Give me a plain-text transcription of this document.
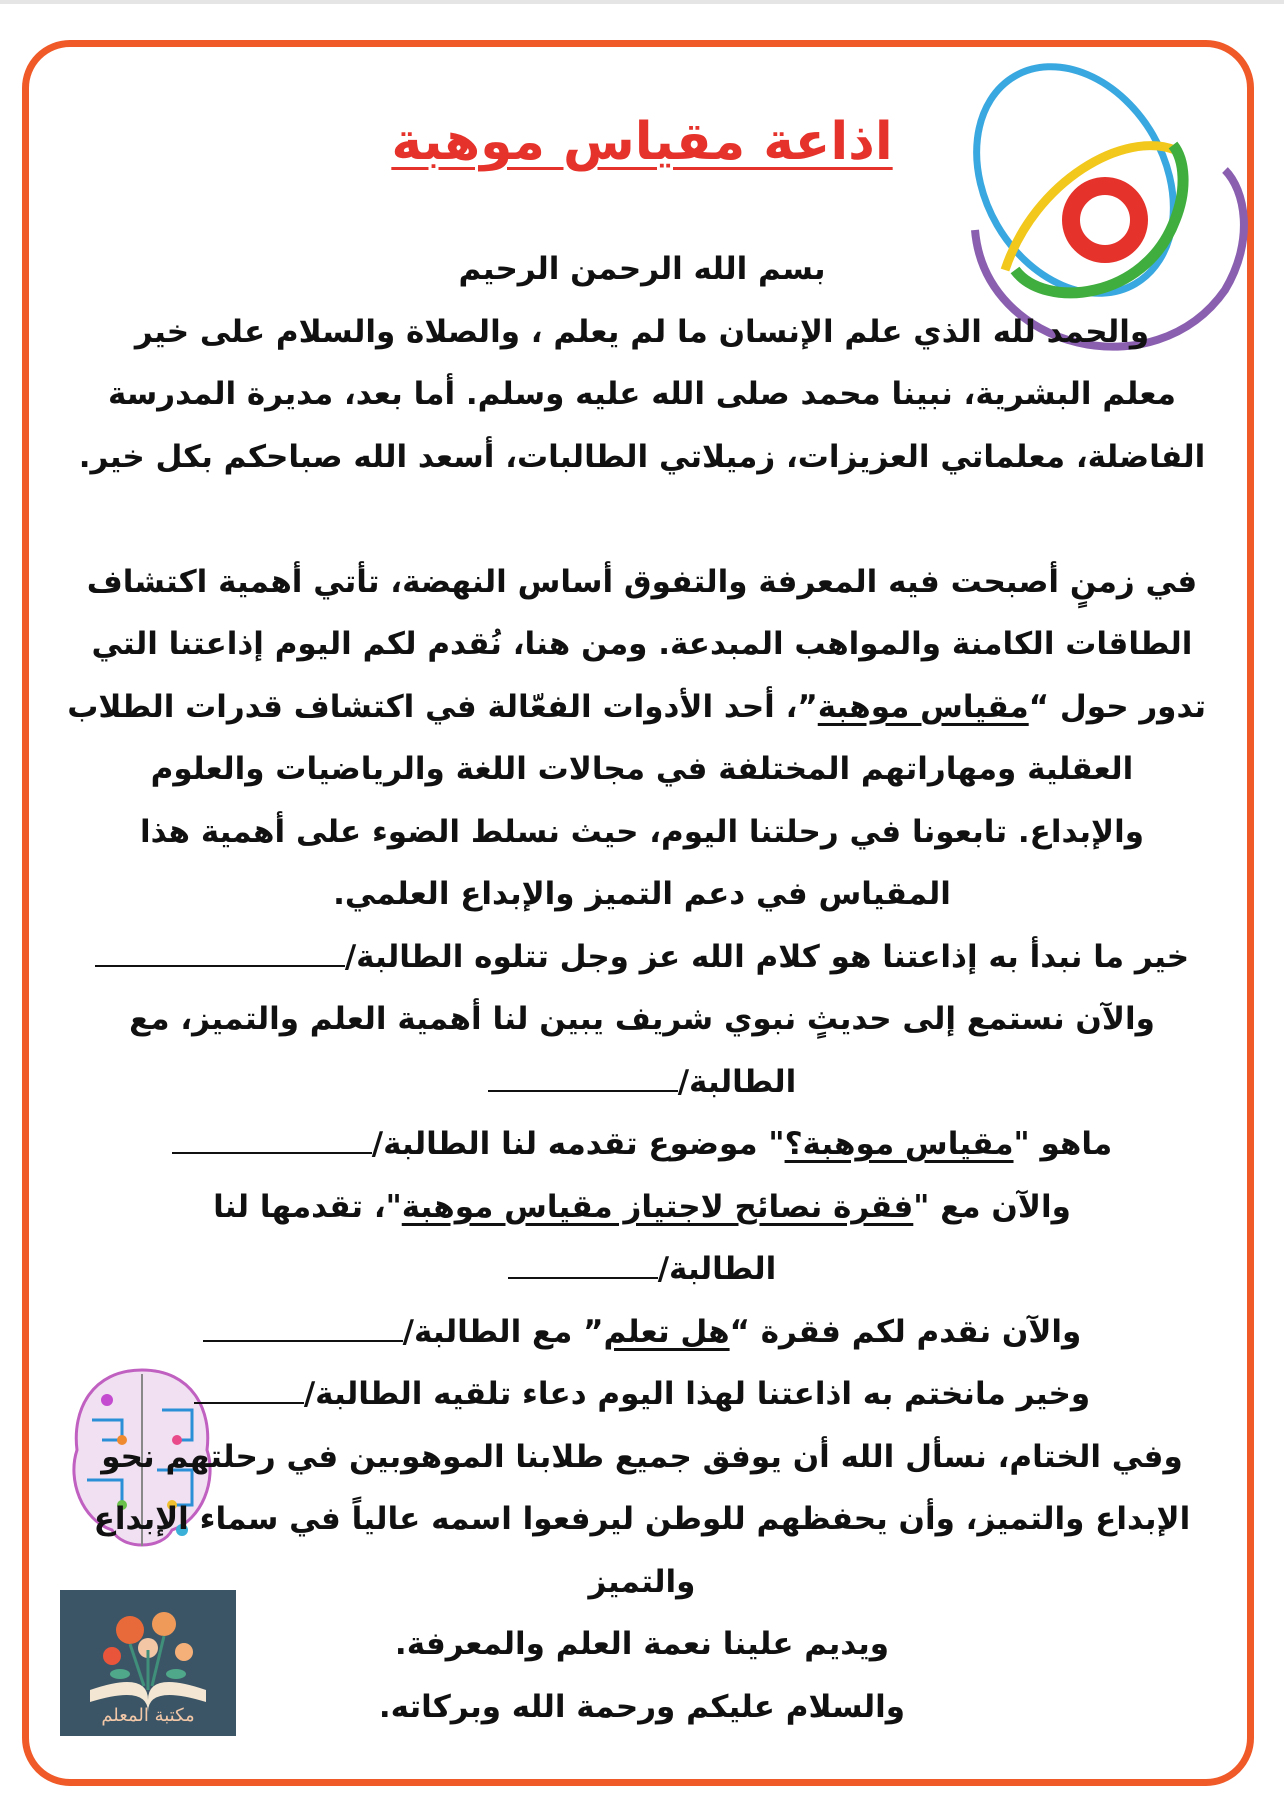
مكتبة المعلم
اذاعة مقياس موهبة
بسم الله الرحمن الرحيم
والحمد لله الذي علم الإنسان ما لم يعلم ، والصلاة والسلام على خير
معلم البشرية، نبينا محمد صلى الله عليه وسلم. أما بعد، مديرة المدرسة
الفاضلة، معلماتي العزيزات، زميلاتي الطالبات، أسعد الله صباحكم بكل خير.
في زمنٍ أصبحت فيه المعرفة والتفوق أساس النهضة، تأتي أهمية اكتشاف
الطاقات الكامنة والمواهب المبدعة. ومن هنا، نُقدم لكم اليوم إذاعتنا التي
تدور حول “مقياس موهبة”، أحد الأدوات الفعّالة في اكتشاف قدرات الطلاب
العقلية ومهاراتهم المختلفة في مجالات اللغة والرياضيات والعلوم
والإبداع. تابعونا في رحلتنا اليوم، حيث نسلط الضوء على أهمية هذا
المقياس في دعم التميز والإبداع العلمي.
خير ما نبدأ به إذاعتنا هو كلام الله عز وجل تتلوه الطالبة/
والآن نستمع إلى حديثٍ نبوي شريف يبين لنا أهمية العلم والتميز، مع
الطالبة/
ماهو "مقياس موهبة؟" موضوع تقدمه لنا الطالبة/
والآن مع "فقرة نصائح لاجتياز مقياس موهبة"، تقدمها لنا
الطالبة/
والآن نقدم لكم فقرة “هل تعلم” مع الطالبة/
وخير مانختم به اذاعتنا لهذا اليوم دعاء تلقيه الطالبة/
وفي الختام، نسأل الله أن يوفق جميع طلابنا الموهوبين في رحلتهم نحو
الإبداع والتميز، وأن يحفظهم للوطن ليرفعوا اسمه عالياً في سماء الإبداع
والتميز
ويديم علينا نعمة العلم والمعرفة.
والسلام عليكم ورحمة الله وبركاته.
